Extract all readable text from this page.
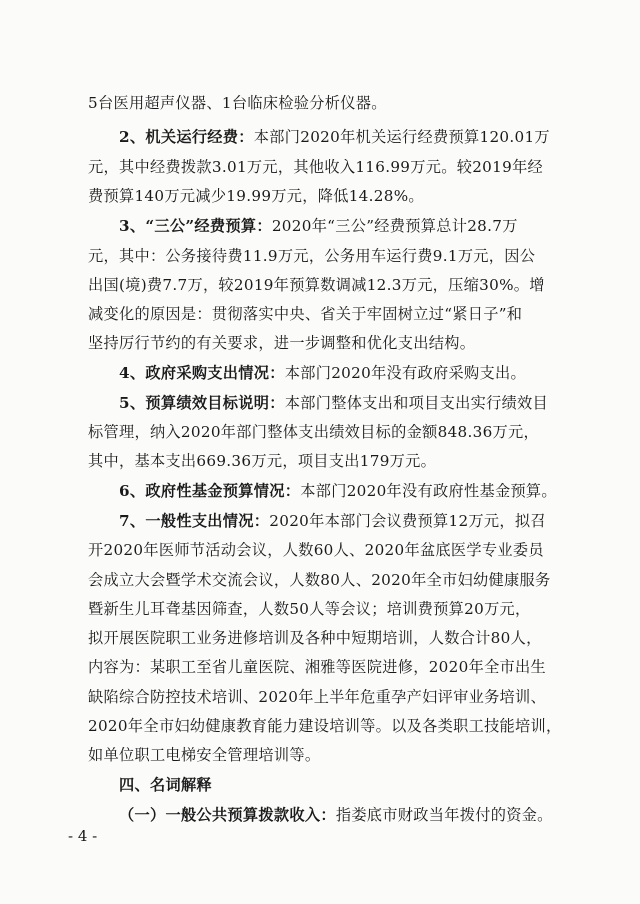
5台医用超声仪器、1台临床检验分析仪器。
2、机关运行经费：本部门2020年机关运行经费预算120.01万
元，其中经费拨款3.01万元，其他收入116.99万元。较2019年经
费预算140万元减少19.99万元，降低14.28%。
3、“三公”经费预算：2020年“三公”经费预算总计28.7万
元，其中：公务接待费11.9万元，公务用车运行费9.1万元，因公
出国(境)费7.7万，较2019年预算数调减12.3万元，压缩30%。增
减变化的原因是：贯彻落实中央、省关于牢固树立过“紧日子”和
坚持厉行节约的有关要求，进一步调整和优化支出结构。
4、政府采购支出情况：本部门2020年没有政府采购支出。
5、预算绩效目标说明：本部门整体支出和项目支出实行绩效目
标管理，纳入2020年部门整体支出绩效目标的金额848.36万元，
其中，基本支出669.36万元，项目支出179万元。
6、政府性基金预算情况：本部门2020年没有政府性基金预算。
7、一般性支出情况：2020年本部门会议费预算12万元，拟召
开2020年医师节活动会议，人数60人、2020年盆底医学专业委员
会成立大会暨学术交流会议，人数80人、2020年全市妇幼健康服务
暨新生儿耳聋基因筛查，人数50人等会议；培训费预算20万元，
拟开展医院职工业务进修培训及各种中短期培训，人数合计80人，
内容为：某职工至省儿童医院、湘雅等医院进修，2020年全市出生
缺陷综合防控技术培训、2020年上半年危重孕产妇评审业务培训、
2020年全市妇幼健康教育能力建设培训等。以及各类职工技能培训，
如单位职工电梯安全管理培训等。
四、名词解释
（一）一般公共预算拨款收入：指娄底市财政当年拨付的资金。
- 4 -
